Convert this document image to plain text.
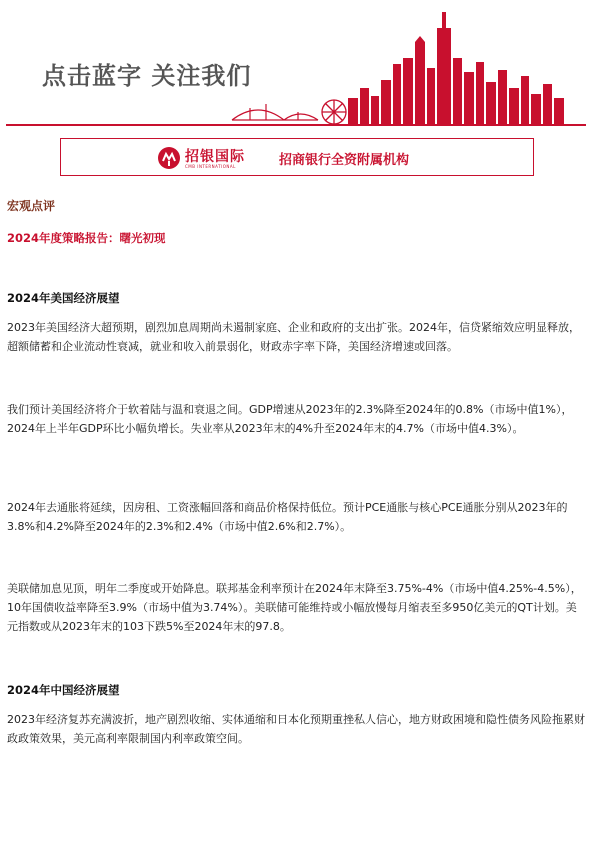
点击蓝字 关注我们
招银国际
CMB INTERNATIONAL	招商银行全资附属机构
宏观点评
2024年度策略报告：曙光初现
2024年美国经济展望
2023年美国经济大超预期，剧烈加息周期尚未遏制家庭、企业和政府的支出扩张。2024年，信贷紧缩效应明显释放，超额储蓄和企业流动性衰减，就业和收入前景弱化，财政赤字率下降，美国经济增速或回落。
我们预计美国经济将介于软着陆与温和衰退之间。GDP增速从2023年的2.3%降至2024年的0.8%（市场中值1%），2024年上半年GDP环比小幅负增长。失业率从2023年末的4%升至2024年末的4.7%（市场中值4.3%）。
2024年去通胀将延续，因房租、工资涨幅回落和商品价格保持低位。预计PCE通胀与核心PCE通胀分别从2023年的3.8%和4.2%降至2024年的2.3%和2.4%（市场中值2.6%和2.7%）。
美联储加息见顶，明年二季度或开始降息。联邦基金利率预计在2024年末降至3.75%-4%（市场中值4.25%-4.5%），10年国债收益率降至3.9%（市场中值为3.74%）。美联储可能维持或小幅放慢每月缩表至多950亿美元的QT计划。美元指数或从2023年末的103下跌5%至2024年末的97.8。
2024年中国经济展望
2023年经济复苏充满波折，地产剧烈收缩、实体通缩和日本化预期重挫私人信心，地方财政困境和隐性债务风险拖累财政政策效果，美元高利率限制国内利率政策空间。
